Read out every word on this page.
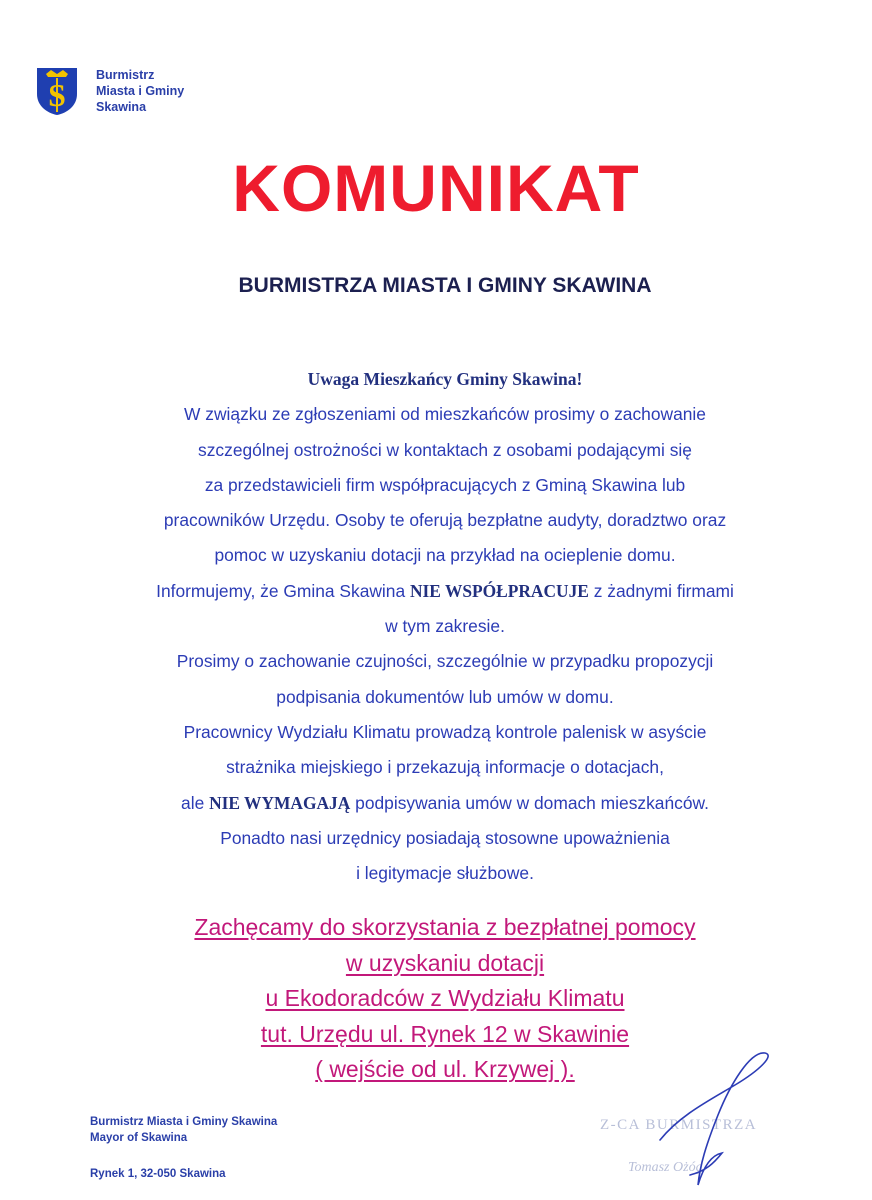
S
Burmistrz
Miasta i Gminy
Skawina
KOMUNIKAT
BURMISTRZA MIASTA I GMINY SKAWINA
Uwaga Mieszkańcy Gminy Skawina!
W związku ze zgłoszeniami od mieszkańców prosimy o zachowanie
szczególnej ostrożności w kontaktach z osobami podającymi się
za przedstawicieli firm współpracujących z Gminą Skawina lub
pracowników Urzędu. Osoby te oferują bezpłatne audyty, doradztwo oraz
pomoc w uzyskaniu dotacji na przykład na ocieplenie domu.
Informujemy, że Gmina Skawina NIE WSPÓŁPRACUJE z żadnymi firmami
w tym zakresie.
Prosimy o zachowanie czujności, szczególnie w przypadku propozycji
podpisania dokumentów lub umów w domu.
Pracownicy Wydziału Klimatu prowadzą kontrole palenisk w asyście
strażnika miejskiego i przekazują informacje o dotacjach,
ale NIE WYMAGAJĄ podpisywania umów w domach mieszkańców.
Ponadto nasi urzędnicy posiadają stosowne upoważnienia
i legitymacje służbowe.
Zachęcamy do skorzystania z bezpłatnej pomocy
w uzyskaniu dotacji
u Ekodoradców z Wydziału Klimatu
tut. Urzędu ul. Rynek 12 w Skawinie
( wejście od ul. Krzywej ).
Burmistrz Miasta i Gminy Skawina
Mayor of Skawina
Rynek 1, 32-050 Skawina
Z-CA BURMISTRZA
Tomasz Ożóg
